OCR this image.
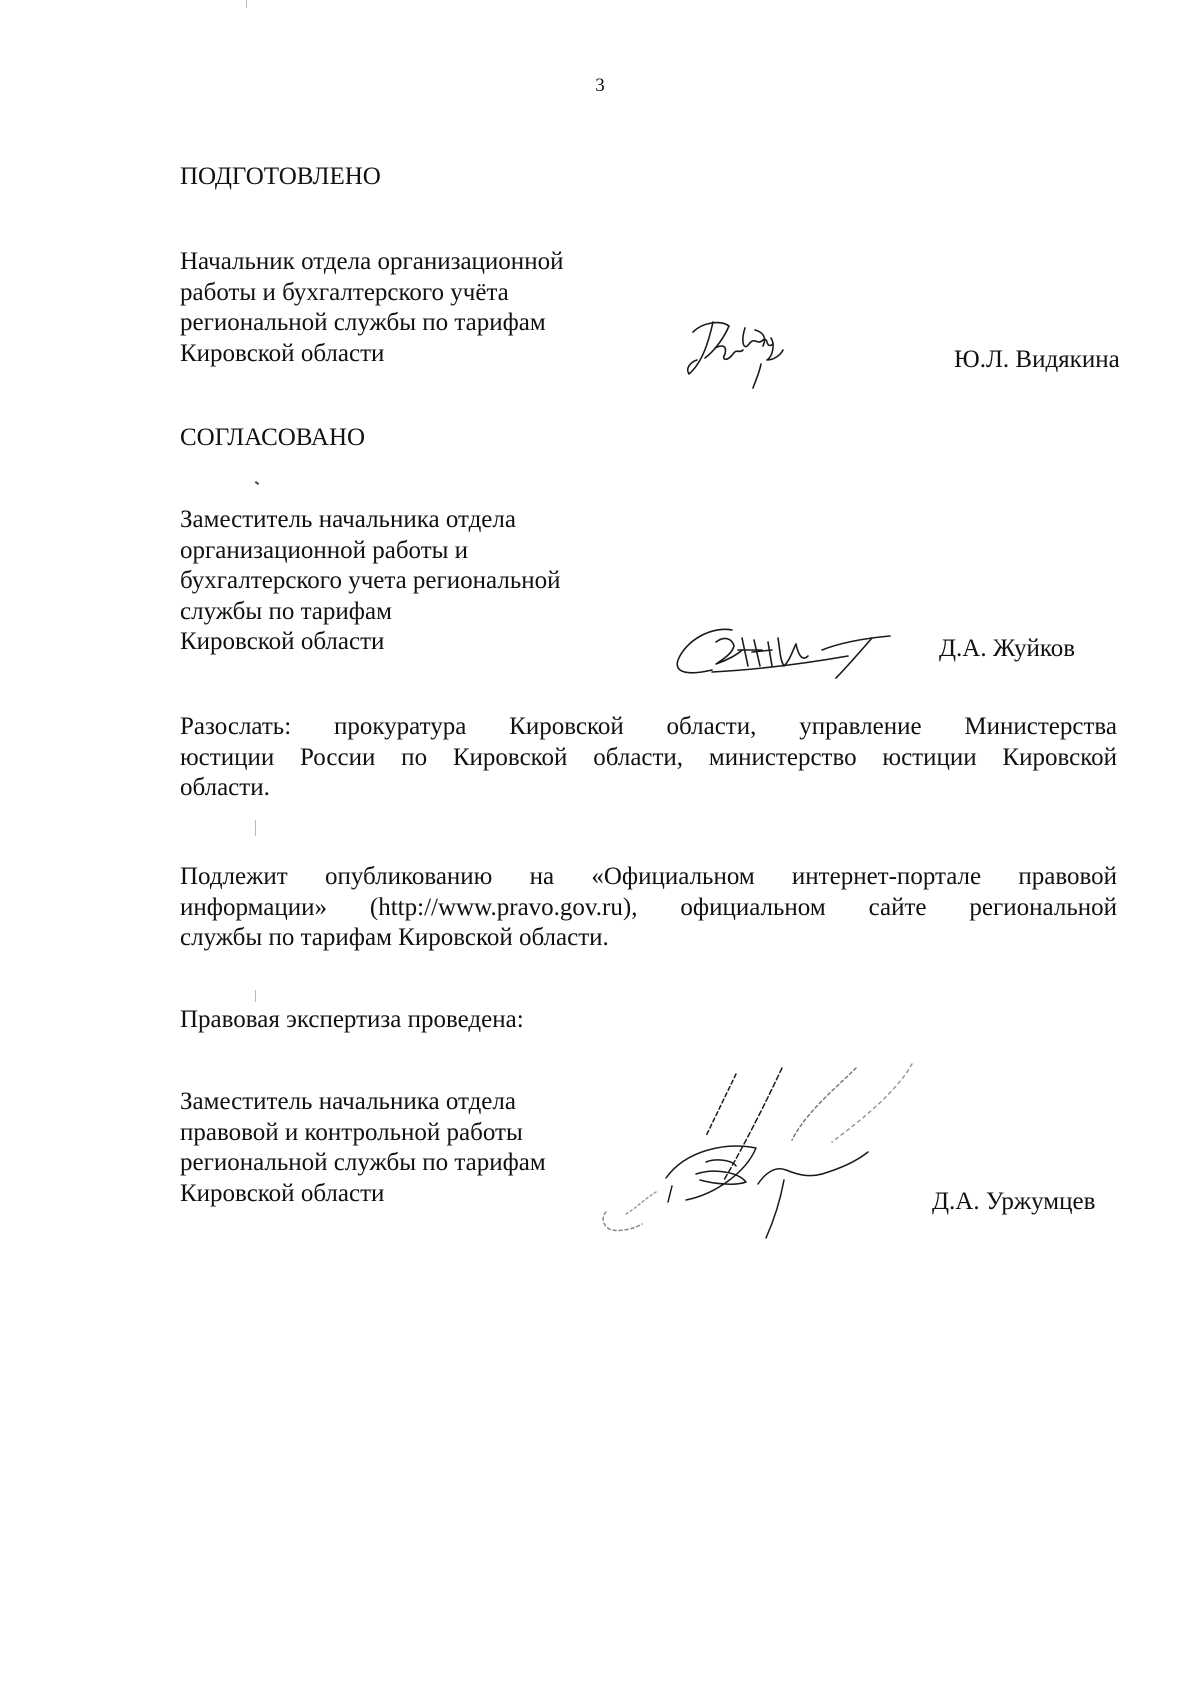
3
ПОДГОТОВЛЕНО
Начальник отдела организационной
работы и бухгалтерского учёта
региональной службы по тарифам
Кировской области	Ю.Л. Видякина
СОГЛАСОВАНО
Заместитель начальника отдела
организационной работы и
бухгалтерского учета региональной
службы по тарифам
Кировской области	Д.А. Жуйков
Разослать: прокуратура Кировской области, управление Министерства
юстиции России по Кировской области, министерство юстиции Кировской
области.
Подлежит опубликованию на «Официальном интернет-портале правовой
информации» (http://www.pravo.gov.ru), официальном сайте региональной
службы по тарифам Кировской области.
Правовая экспертиза проведена:
Заместитель начальника отдела
правовой и контрольной работы
региональной службы по тарифам
Кировской области	Д.А. Уржумцев
